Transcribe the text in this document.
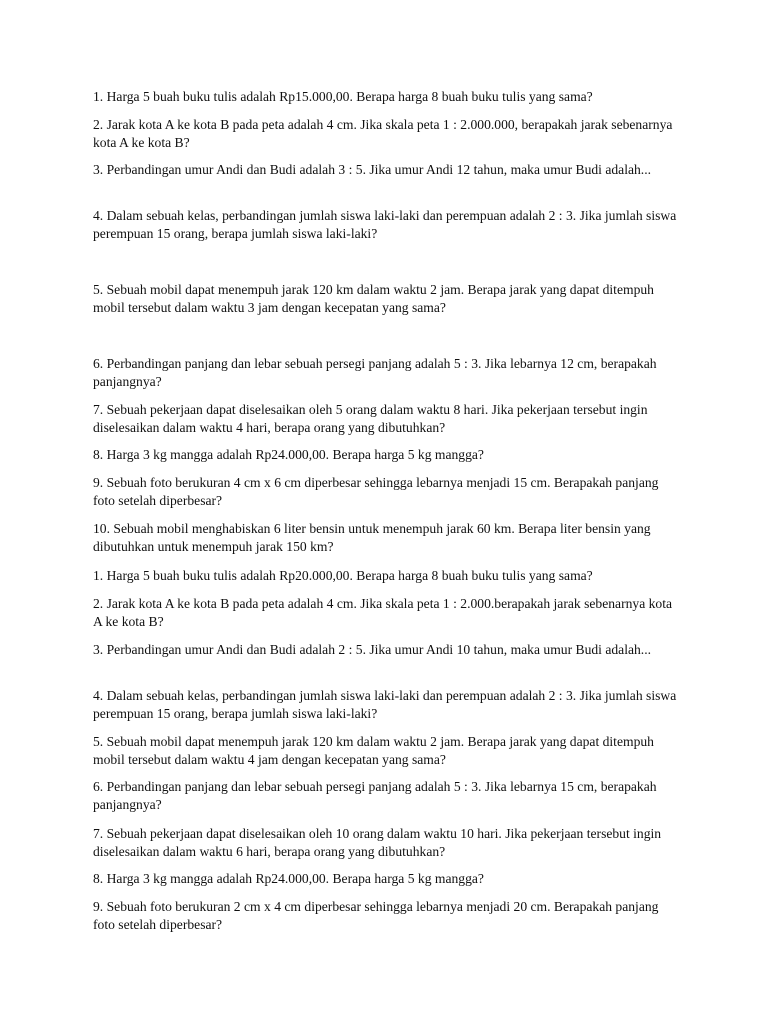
1. Harga 5 buah buku tulis adalah Rp15.000,00. Berapa harga 8 buah buku tulis yang sama?

2. Jarak kota A ke kota B pada peta adalah 4 cm. Jika skala peta 1 : 2.000.000, berapakah jarak sebenarnya kota A ke kota B?

3. Perbandingan umur Andi dan Budi adalah 3 : 5. Jika umur Andi 12 tahun, maka umur Budi adalah...

4. Dalam sebuah kelas, perbandingan jumlah siswa laki-laki dan perempuan adalah 2 : 3. Jika jumlah siswa perempuan 15 orang, berapa jumlah siswa laki-laki?

5. Sebuah mobil dapat menempuh jarak 120 km dalam waktu 2 jam. Berapa jarak yang dapat ditempuh mobil tersebut dalam waktu 3 jam dengan kecepatan yang sama?

6. Perbandingan panjang dan lebar sebuah persegi panjang adalah 5 : 3. Jika lebarnya 12 cm, berapakah panjangnya?

7. Sebuah pekerjaan dapat diselesaikan oleh 5 orang dalam waktu 8 hari. Jika pekerjaan tersebut ingin diselesaikan dalam waktu 4 hari, berapa orang yang dibutuhkan?

8. Harga 3 kg mangga adalah Rp24.000,00. Berapa harga 5 kg mangga?

9. Sebuah foto berukuran 4 cm x 6 cm diperbesar sehingga lebarnya menjadi 15 cm. Berapakah panjang foto setelah diperbesar?

10. Sebuah mobil menghabiskan 6 liter bensin untuk menempuh jarak 60 km. Berapa liter bensin yang dibutuhkan untuk menempuh jarak 150 km?

1. Harga 5 buah buku tulis adalah Rp20.000,00. Berapa harga 8 buah buku tulis yang sama?

2. Jarak kota A ke kota B pada peta adalah 4 cm. Jika skala peta 1 : 2.000.berapakah jarak sebenarnya kota A ke kota B?

3. Perbandingan umur Andi dan Budi adalah 2 : 5. Jika umur Andi 10 tahun, maka umur Budi adalah...

4. Dalam sebuah kelas, perbandingan jumlah siswa laki-laki dan perempuan adalah 2 : 3. Jika jumlah siswa perempuan 15 orang, berapa jumlah siswa laki-laki?

5. Sebuah mobil dapat menempuh jarak 120 km dalam waktu 2 jam. Berapa jarak yang dapat ditempuh mobil tersebut dalam waktu 4 jam dengan kecepatan yang sama?

6. Perbandingan panjang dan lebar sebuah persegi panjang adalah 5 : 3. Jika lebarnya 15 cm, berapakah panjangnya?

7. Sebuah pekerjaan dapat diselesaikan oleh 10 orang dalam waktu 10 hari. Jika pekerjaan tersebut ingin diselesaikan dalam waktu 6 hari, berapa orang yang dibutuhkan?

8. Harga 3 kg mangga adalah Rp24.000,00. Berapa harga 5 kg mangga?

9. Sebuah foto berukuran 2 cm x 4 cm diperbesar sehingga lebarnya menjadi 20 cm. Berapakah panjang foto setelah diperbesar?
